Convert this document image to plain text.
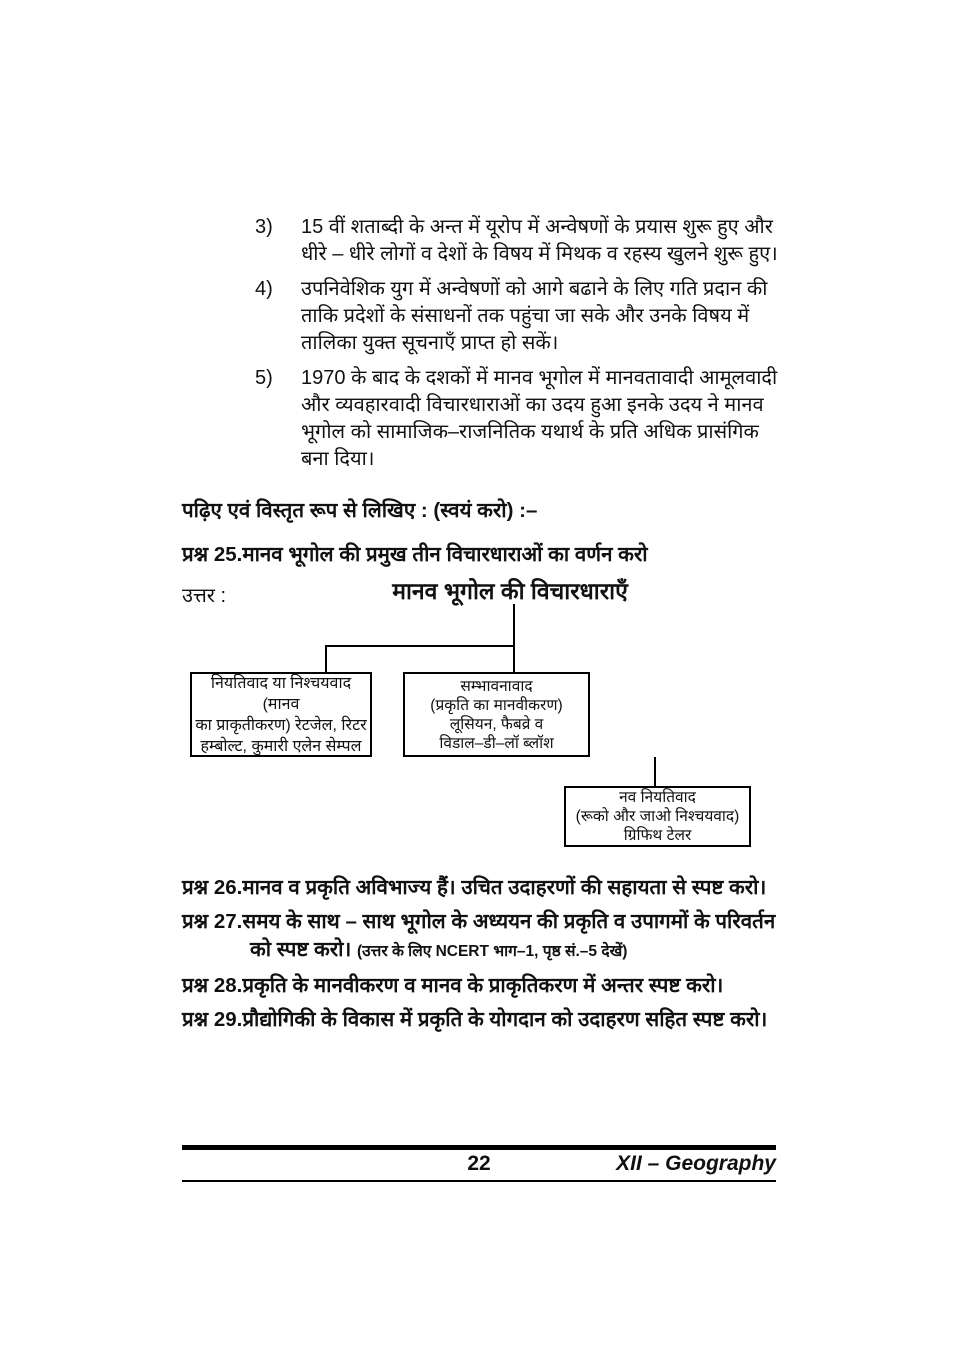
3)	15 वीं शताब्दी के अन्त में यूरोप में अन्वेषणों के प्रयास शुरू हुए और धीरे – धीरे लोगों व देशों के विषय में मिथक व रहस्य खुलने शुरू हुए।
4)	उपनिवेशिक युग में अन्वेषणों को आगे बढाने के लिए गति प्रदान की ताकि प्रदेशों के संसाधनों तक पहुंचा जा सके और उनके विषय में तालिका युक्त सूचनाएँ प्राप्त हो सकें।
5)	1970 के बाद के दशकों में मानव भूगोल में मानवतावादी आमूलवादी और व्यवहारवादी विचारधाराओं का उदय हुआ इनके उदय ने मानव भूगोल को सामाजिक–राजनितिक यथार्थ के प्रति अधिक प्रासंगिक बना दिया।
पढ़िए एवं विस्तृत रूप से लिखिए : (स्वयं करो) :–
प्रश्न 25.मानव भूगोल की प्रमुख तीन विचारधाराओं का वर्णन करो
उत्तर :	मानव भूगोल की विचारधाराएँ
नियतिवाद या निश्चयवाद (मानव
का प्राकृतीकरण) रेटजेल, रिटर
हम्बोल्ट, कुमारी एलेन सेम्पल
सम्भावनावाद
(प्रकृति का मानवीकरण)
लूसियन, फैबव्रे व
विडाल–डी–लॉ ब्लॉश
नव नियतिवाद
(रूको और जाओ निश्चयवाद)
ग्रिफिथ टेलर
प्रश्न 26.मानव व प्रकृति अविभाज्य हैं। उचित उदाहरणों की सहायता से स्पष्ट करो।
प्रश्न 27.समय के साथ – साथ भूगोल के अध्ययन की प्रकृति व उपागमों के परिवर्तन को स्पष्ट करो। (उत्तर के लिए NCERT भाग–1, पृष्ठ सं.–5 देखें)
प्रश्न 28.प्रकृति के मानवीकरण व मानव के प्राकृतिकरण में अन्तर स्पष्ट करो।
प्रश्न 29.प्रौद्योगिकी के विकास में प्रकृति के योगदान को उदाहरण सहित स्पष्ट करो।
22	XII – Geography
